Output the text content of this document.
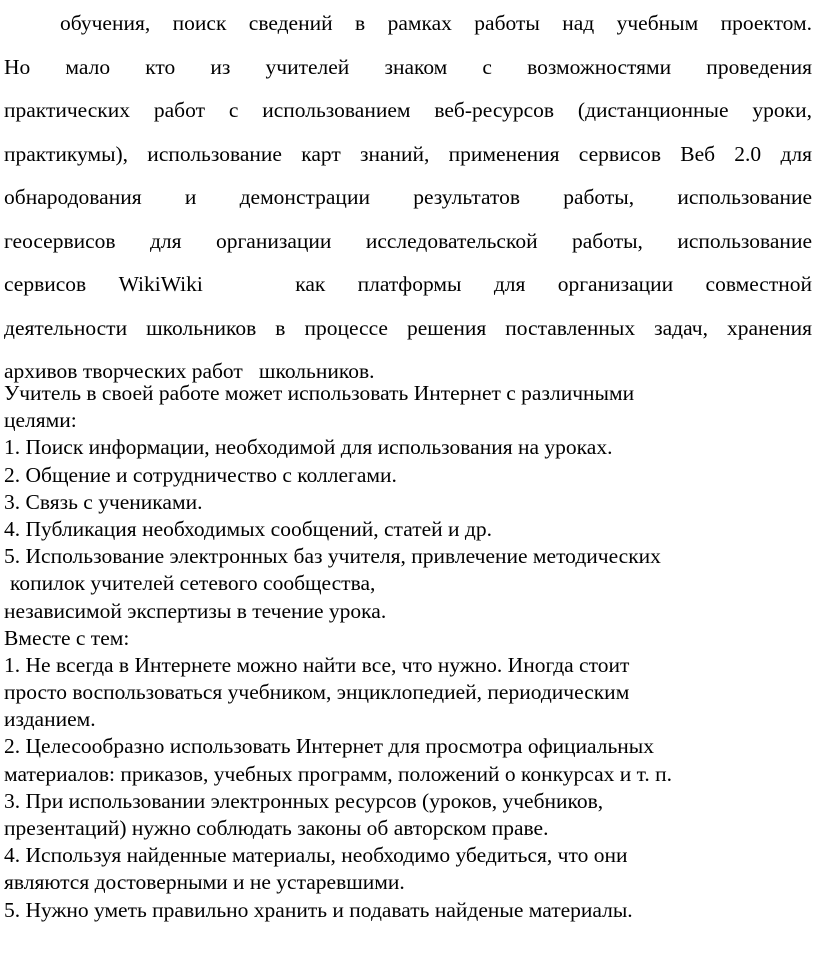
обучения, поиск сведений в рамках работы над учебным проектом.
Но мало кто из учителей знаком с возможностями проведения
практических работ с использованием веб-ресурсов (дистанционные уроки,
практикумы), использование карт знаний, применения сервисов Веб 2.0 для
обнародования и демонстрации результатов работы, использование
геосервисов для организации исследовательской работы, использование
сервисов WikiWiki	как платформы для организации совместной
деятельности школьников в процессе решения поставленных задач, хранения
архивов творческих работ   школьников.
Учитель в своей работе может использовать Интернет с различными
целями:
1. Поиск информации, необходимой для использования на уроках.
2. Общение и сотрудничество с коллегами.
3. Связь с учениками.
4. Публикация необходимых сообщений, статей и др.
5. Использование электронных баз учителя, привлечение методических
копилок учителей сетевого сообщества,
независимой экспертизы в течение урока.
Вместе с тем:
1. Не всегда в Интернете можно найти все, что нужно. Иногда стоит
просто воспользоваться учебником, энциклопедией, периодическим
изданием.
2. Целесообразно использовать Интернет для просмотра официальных
материалов: приказов, учебных программ, положений о конкурсах и т. п.
3. При использовании электронных ресурсов (уроков, учебников,
презентаций) нужно соблюдать законы об авторском праве.
4. Используя найденные материалы, необходимо убедиться, что они
являются достоверными и не устаревшими.
5. Нужно уметь правильно хранить и подавать найденые материалы.
